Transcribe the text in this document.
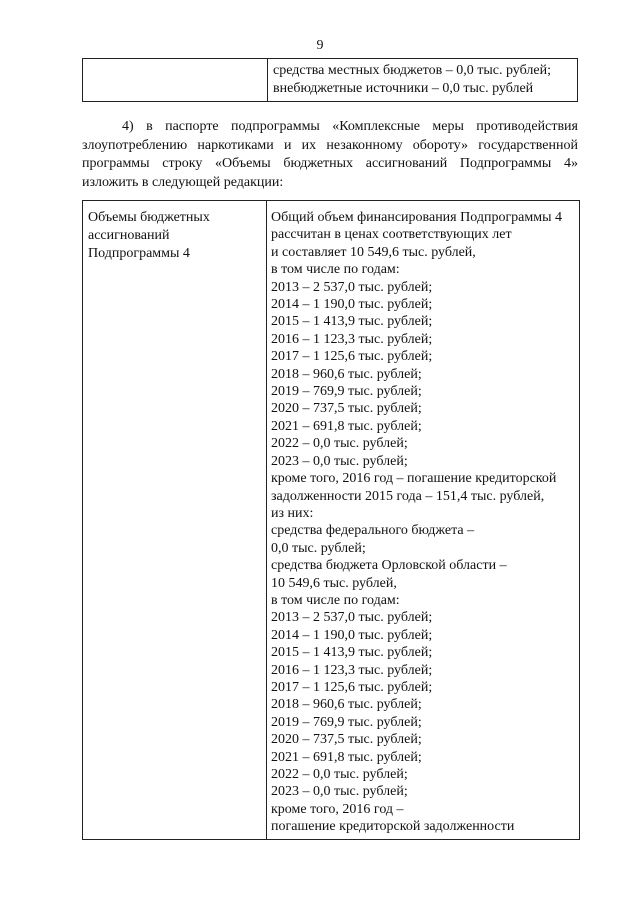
9
средства местных бюджетов – 0,0 тыс. рублей;
внебюджетные источники – 0,0 тыс. рублей
4) в паспорте подпрограммы «Комплексные меры противодействия
злоупотреблению наркотиками и их незаконному обороту» государственной
программы строку «Объемы бюджетных ассигнований Подпрограммы 4»
изложить в следующей редакции:
Объемы бюджетных
ассигнований
Подпрограммы 4
Общий объем финансирования Подпрограммы 4
рассчитан в ценах соответствующих лет
и составляет 10 549,6 тыс. рублей,
в том числе по годам:
2013 – 2 537,0 тыс. рублей;
2014 – 1 190,0 тыс. рублей;
2015 – 1 413,9 тыс. рублей;
2016 – 1 123,3 тыс. рублей;
2017 – 1 125,6 тыс. рублей;
2018 – 960,6 тыс. рублей;
2019 – 769,9 тыс. рублей;
2020 – 737,5 тыс. рублей;
2021 – 691,8 тыс. рублей;
2022 – 0,0 тыс. рублей;
2023 – 0,0 тыс. рублей;
кроме того, 2016 год – погашение кредиторской
задолженности 2015 года – 151,4 тыс. рублей,
из них:
средства федерального бюджета –
0,0 тыс. рублей;
средства бюджета Орловской области –
10 549,6 тыс. рублей,
в том числе по годам:
2013 – 2 537,0 тыс. рублей;
2014 – 1 190,0 тыс. рублей;
2015 – 1 413,9 тыс. рублей;
2016 – 1 123,3 тыс. рублей;
2017 – 1 125,6 тыс. рублей;
2018 – 960,6 тыс. рублей;
2019 – 769,9 тыс. рублей;
2020 – 737,5 тыс. рублей;
2021 – 691,8 тыс. рублей;
2022 – 0,0 тыс. рублей;
2023 – 0,0 тыс. рублей;
кроме того, 2016 год –
погашение кредиторской задолженности
